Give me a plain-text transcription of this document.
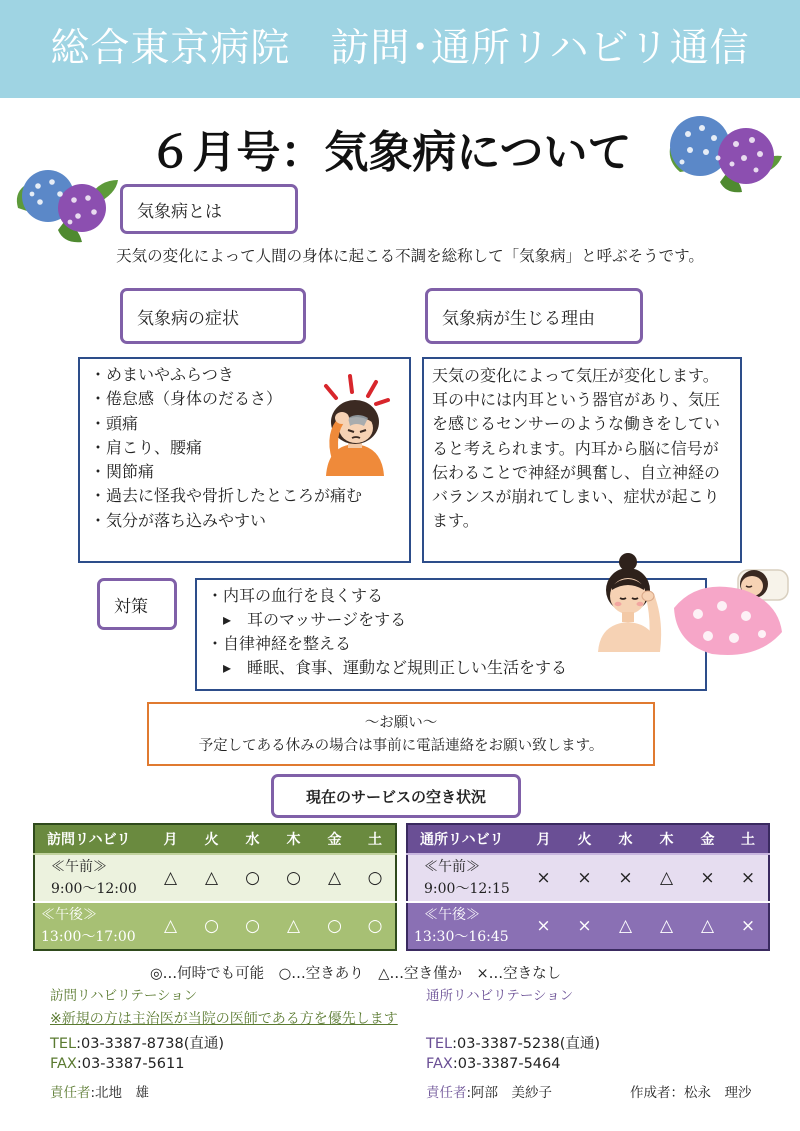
総合東京病院　訪問･通所リハビリ通信
６月号：気象病について
気象病とは
天気の変化によって人間の身体に起こる不調を総称して「気象病」と呼ぶそうです。
気象病の症状
・めまいやふらつき
・倦怠感（身体のだるさ）
・頭痛
・肩こり、腰痛
・関節痛
・過去に怪我や骨折したところが痛む
・気分が落ち込みやすい
気象病が生じる理由
天気の変化によって気圧が変化します。耳の中には内耳という器官があり、気圧を感じるセンサーのような働きをしていると考えられます。内耳から脳に信号が伝わることで神経が興奮し、自立神経のバランスが崩れてしまい、症状が起こります。
対策
・内耳の血行を良くする
　▸　耳のマッサージをする
・自律神経を整える
　▸　睡眠、食事、運動など規則正しい生活をする
～お願い～
予定してある休みの場合は事前に電話連絡をお願い致します。
現在のサービスの空き状況
訪問リハビリ	月	火	水	木	金	土

≪午前≫
9:00～12:00	△	△	○	○	△	○

≪午後≫
13:00～17:00	△	○	○	△	○	○
通所リハビリ	月	火	水	木	金	土

≪午前≫
9:00～12:15	×	×	×	△	×	×

≪午後≫
13:30～16:45	×	×	△	△	△	×
◎…何時でも可能　○…空きあり　△…空き僅か　×…空きなし
訪問リハビリテーション
※新規の方は主治医が当院の医師である方を優先します
TEL:03-3387-8738(直通)
FAX:03-3387-5611
責任者:北地　雄
通所リハビリテーション
TEL:03-3387-5238(直通)
FAX:03-3387-5464
責任者:阿部　美紗子	作成者：松永　理沙
